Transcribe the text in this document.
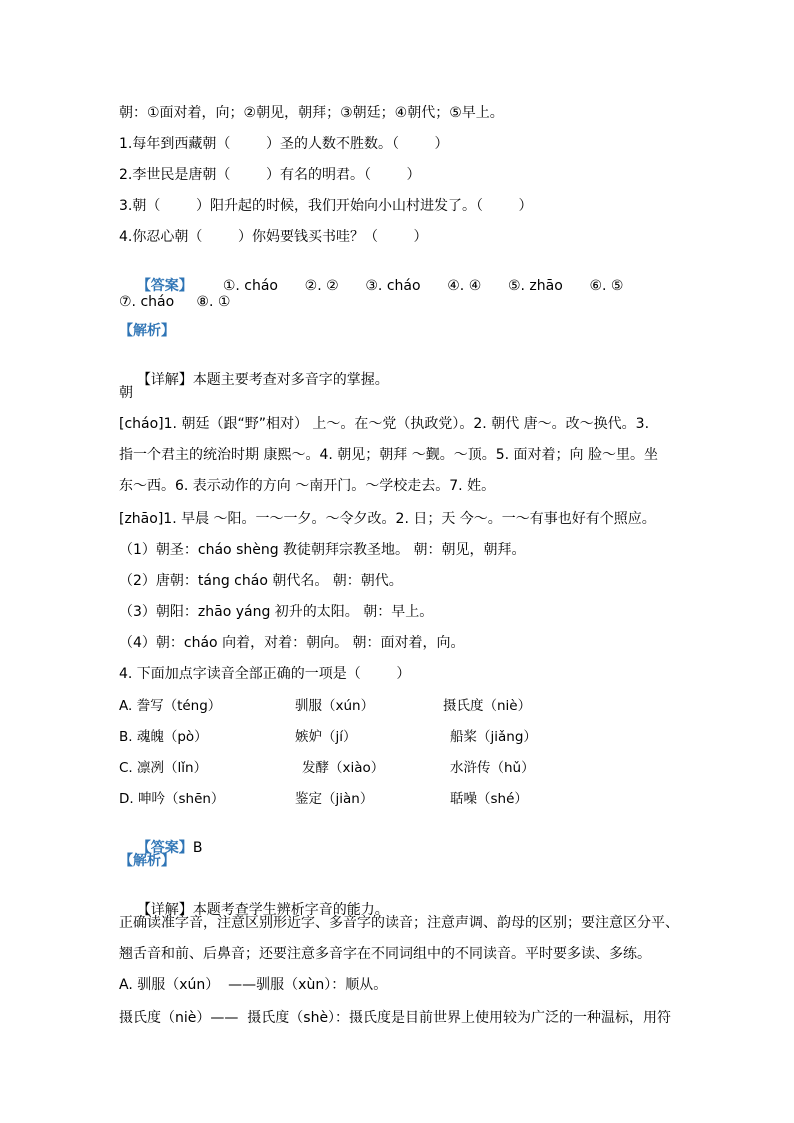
朝：①面对着，向；②朝见，朝拜；③朝廷；④朝代；⑤早上。
1.每年到西藏朝（        ）圣的人数不胜数。（        ）
2.李世民是唐朝（        ）有名的明君。（        ）
3.朝（        ）阳升起的时候，我们开始向小山村进发了。（        ）
4.你忍心朝（        ）你妈要钱买书哇？（        ）

【答案】 ①. cháo      ②. ②      ③. cháo      ④. ④      ⑤. zhāo      ⑥. ⑤

⑦. cháo     ⑧. ①
【解析】

【详解】本题主要考查对多音字的掌握。

朝
[cháo]1. 朝廷（跟“野”相对） 上～。在～党（执政党）。2. 朝代 唐～。改～换代。3.
指一个君主的统治时期 康熙～。4. 朝见；朝拜 ～觐。～顶。5. 面对着；向 脸～里。坐
东～西。6. 表示动作的方向 ～南开门。～学校走去。7. 姓。
[zhāo]1. 早晨 ～阳。一～一夕。～令夕改。2. 日；天 今～。一～有事也好有个照应。
（1）朝圣：cháo shèng 教徒朝拜宗教圣地。 朝：朝见，朝拜。
（2）唐朝：táng cháo 朝代名。 朝：朝代。
（3）朝阳：zhāo yáng 初升的太阳。 朝：早上。
（4）朝：cháo 向着，对着：朝向。 朝：面对着，向。
4. 下面加点字读音全部正确的一项是（        ）
A. 誊写（téng）	驯服（xún）	摄氏度（niè）
B. 魂魄（pò）	嫉妒（jí）	船桨（jiǎng）
C. 凛冽（lǐn）	发酵（xiào）	水浒传（hǔ）
D. 呻吟（shēn）	鉴定（jiàn）	聒噪（shé）

【答案】B

【解析】

【详解】本题考查学生辨析字音的能力。

正确读准字音，注意区别形近字、多音字的读音；注意声调、韵母的区别；要注意区分平、
翘舌音和前、后鼻音；还要注意多音字在不同词组中的不同读音。平时要多读、多练。
A. 驯服（xún）  ——驯服（xùn）：顺从。
摄氏度（niè）——  摄氏度（shè）：摄氏度是目前世界上使用较为广泛的一种温标，用符
